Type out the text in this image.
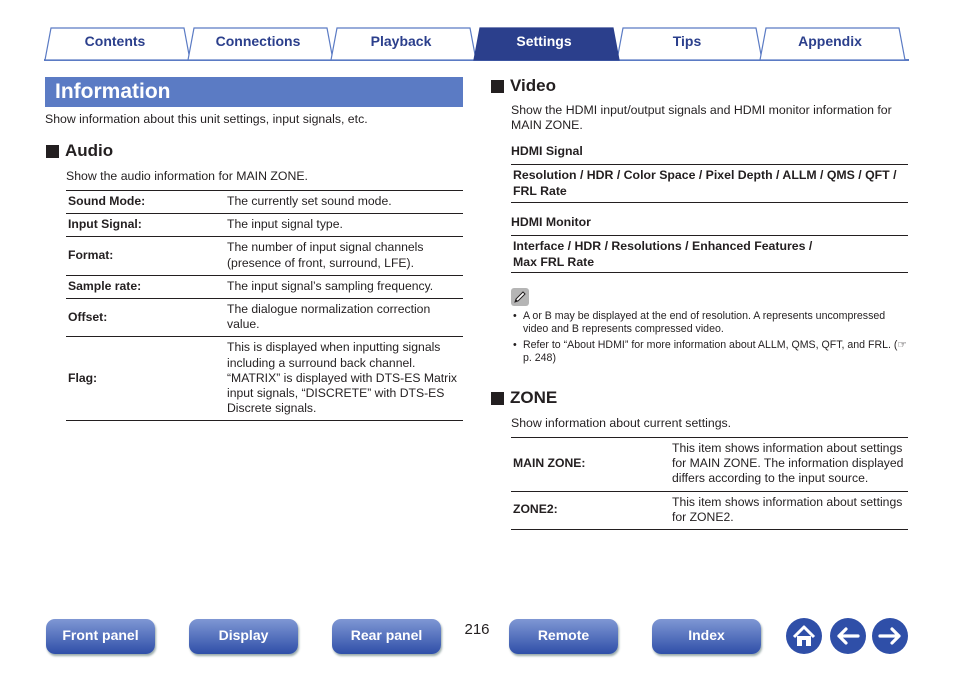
Contents	Connections	Playback	Settings	Tips	Appendix
Information
Show information about this unit settings, input signals, etc.
Audio
Show the audio information for MAIN ZONE.
Sound Mode:	The currently set sound mode.
Input Signal:	The input signal type.
Format:	The number of input signal channels (presence of front, surround, LFE).
Sample rate:	The input signal’s sampling frequency.
Offset:	The dialogue normalization correction value.
Flag:	This is displayed when inputting signals including a surround back channel. “MATRIX” is displayed with DTS-ES Matrix input signals, “DISCRETE” with DTS-ES Discrete signals.
Video
Show the HDMI input/output signals and HDMI monitor information for MAIN ZONE.
HDMI Signal
Resolution / HDR / Color Space / Pixel Depth / ALLM / QMS / QFT / FRL Rate
HDMI Monitor
Interface / HDR / Resolutions / Enhanced Features / Max FRL Rate
• A or B may be displayed at the end of resolution. A represents uncompressed video and B represents compressed video.
• Refer to “About HDMI” for more information about ALLM, QMS, QFT, and FRL. (☞ p. 248)
ZONE
Show information about current settings.
MAIN ZONE:	This item shows information about settings for MAIN ZONE. The information displayed differs according to the input source.
ZONE2:	This item shows information about settings for ZONE2.
Front panel	Display	Rear panel	216	Remote	Index
